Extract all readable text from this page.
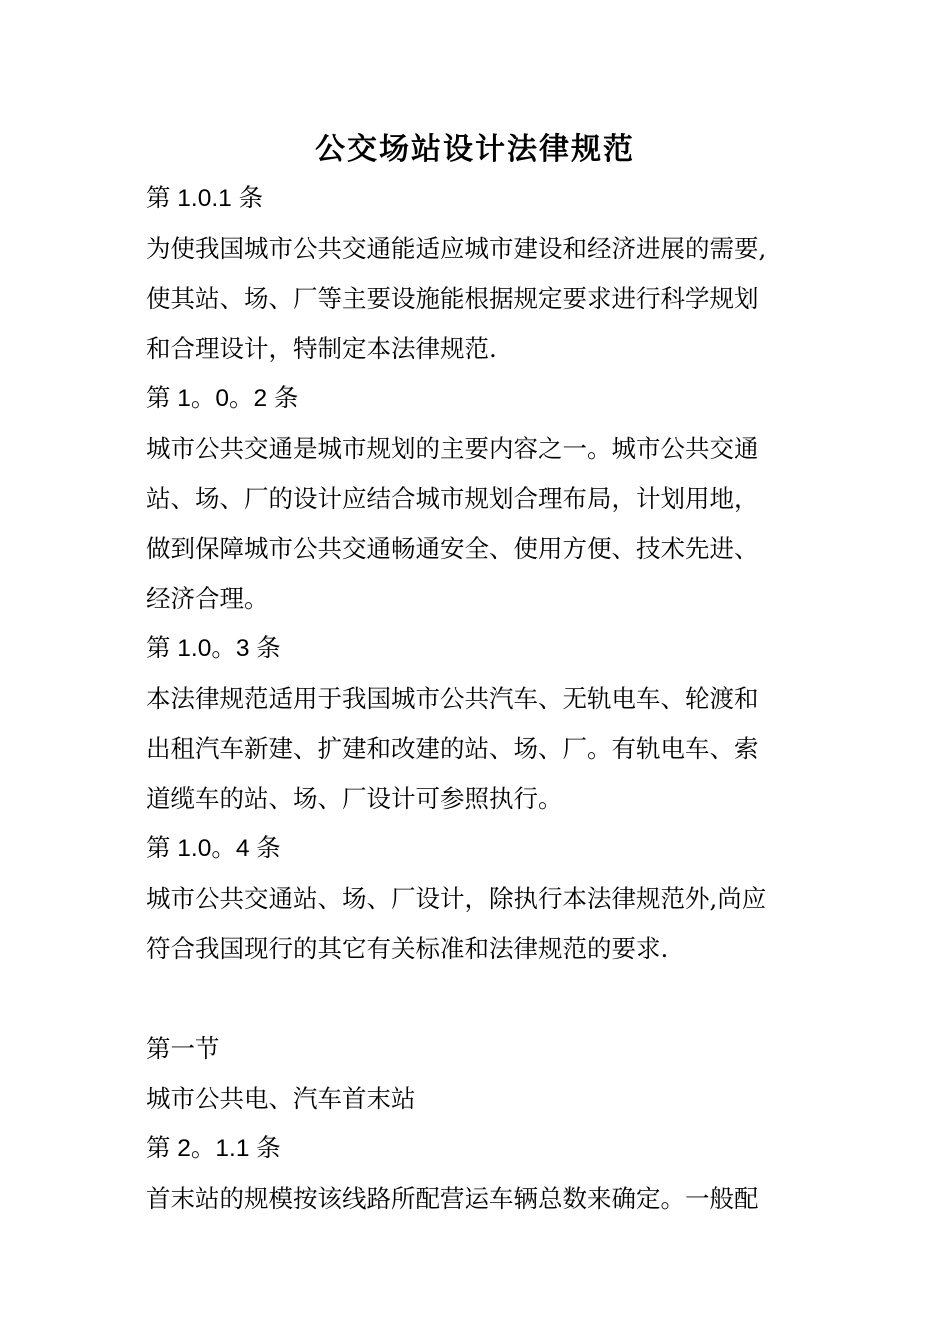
公交场站设计法律规范
第 1.0.1 条
为使我国城市公共交通能适应城市建设和经济进展的需要,
使其站、场、厂等主要设施能根据规定要求进行科学规划
和合理设计，特制定本法律规范.
第 1。0。2 条
城市公共交通是城市规划的主要内容之一。城市公共交通
站、场、厂的设计应结合城市规划合理布局，计划用地，
做到保障城市公共交通畅通安全、使用方便、技术先进、
经济合理。
第 1.0。3 条
本法律规范适用于我国城市公共汽车、无轨电车、轮渡和
出租汽车新建、扩建和改建的站、场、厂。有轨电车、索
道缆车的站、场、厂设计可参照执行。
第 1.0。4 条
城市公共交通站、场、厂设计，除执行本法律规范外,尚应
符合我国现行的其它有关标准和法律规范的要求.
第一节
城市公共电、汽车首末站
第 2。1.1 条
首末站的规模按该线路所配营运车辆总数来确定。一般配
